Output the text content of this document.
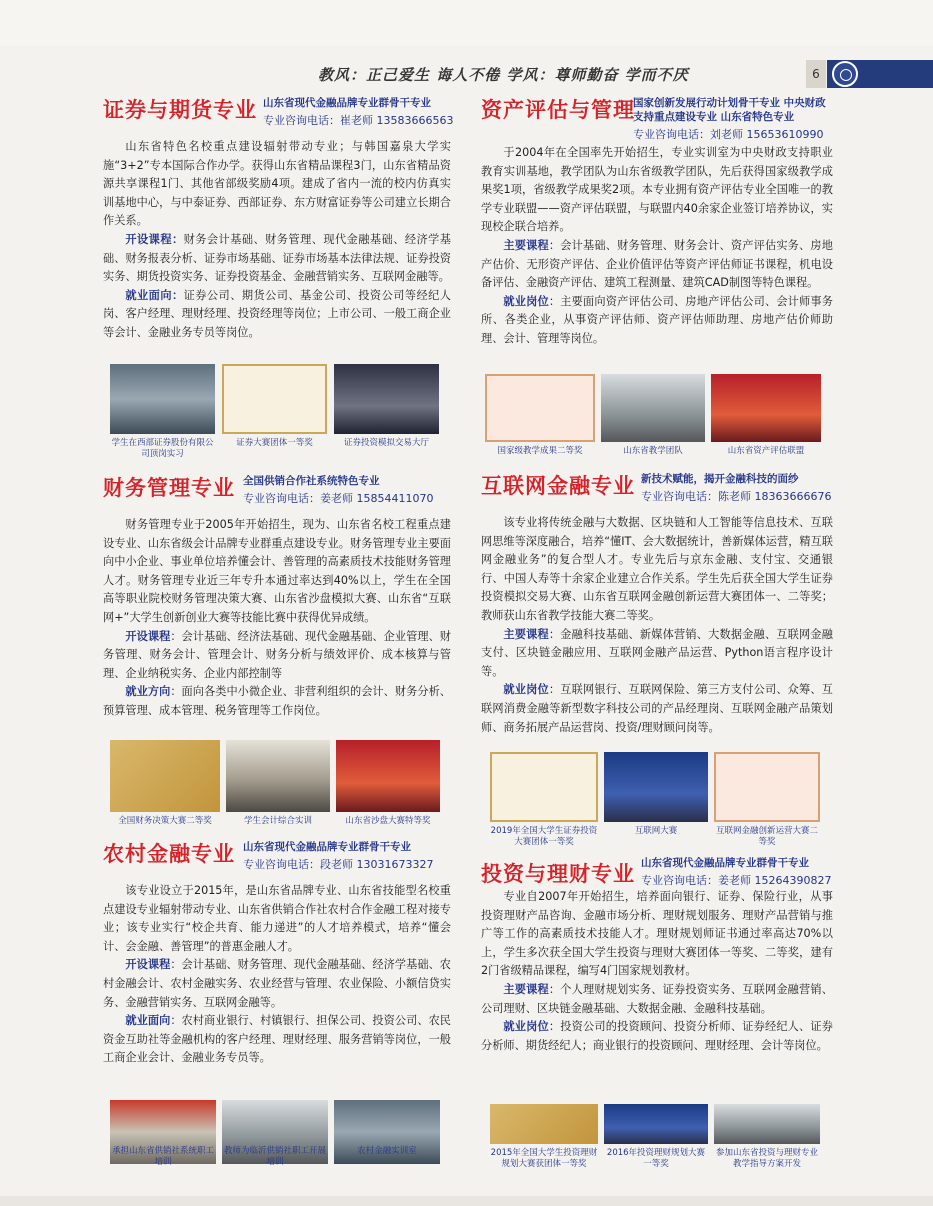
教风：正己爱生 诲人不倦 学风：尊师勤奋 学而不厌	6
证券与期货专业 山东省现代金融品牌专业群骨干专业
专业咨询电话：崔老师 13583666563

山东省特色名校重点建设辐射带动专业；与韩国嘉泉大学实施“3+2”专本国际合作办学。获得山东省精品课程3门，山东省精品资源共享课程1门、其他省部级奖励4项。建成了省内一流的校内仿真实训基地中心，与中泰证券、西部证券、东方财富证券等公司建立长期合作关系。

开设课程：财务会计基础、财务管理、现代金融基础、经济学基础、财务报表分析、证券市场基础、证券市场基本法律法规、证券投资实务、期货投资实务、证券投资基金、金融营销实务、互联网金融等。

就业面向：证券公司、期货公司、基金公司、投资公司等经纪人岗、客户经理、理财经理、投资经理等岗位；上市公司、一般工商企业等会计、金融业务专员等岗位。

学生在西部证券股份有限公司顶岗实习
证券大赛团体一等奖	证券投资模拟交易大厅
财务管理专业 全国供销合作社系统特色专业
专业咨询电话：姜老师 15854411070

财务管理专业于2005年开始招生，现为、山东省名校工程重点建设专业、山东省级会计品牌专业群重点建设专业。财务管理专业主要面向中小企业、事业单位培养懂会计、善管理的高素质技术技能财务管理人才。财务管理专业近三年专升本通过率达到40%以上，学生在全国高等职业院校财务管理决策大赛、山东省沙盘模拟大赛、山东省“互联网+”大学生创新创业大赛等技能比赛中获得优异成绩。

开设课程：会计基础、经济法基础、现代金融基础、企业管理、财务管理、财务会计、管理会计、财务分析与绩效评价、成本核算与管理、企业纳税实务、企业内部控制等

就业方向：面向各类中小微企业、非营利组织的会计、财务分析、预算管理、成本管理、税务管理等工作岗位。

全国财务决策大赛二等奖	学生会计综合实训	山东省沙盘大赛特等奖
农村金融专业 山东省现代金融品牌专业群骨干专业
专业咨询电话：段老师 13031673327

该专业设立于2015年，是山东省品牌专业、山东省技能型名校重点建设专业辐射带动专业、山东省供销合作社农村合作金融工程对接专业；该专业实行“校企共育、能力递进”的人才培养模式，培养“懂会计、会金融、善管理”的普惠金融人才。

开设课程：会计基础、财务管理、现代金融基础、经济学基础、农村金融会计、农村金融实务、农业经营与管理、农业保险、小额信贷实务、金融营销实务、互联网金融等。

就业面向：农村商业银行、村镇银行、担保公司、投资公司、农民资金互助社等金融机构的客户经理、理财经理、服务营销等岗位，一般工商企业会计、金融业务专员等。

承担山东省供销社系统职工培训
教师为临沂供销社职工开展培训
农村金融实训室
资产评估与管理
国家创新发展行动计划骨干专业 中央财政支持重点建设专业 山东省特色专业
专业咨询电话：刘老师 15653610990

于2004年在全国率先开始招生，专业实训室为中央财政支持职业教育实训基地，教学团队为山东省级教学团队，先后获得国家级教学成果奖1项，省级教学成果奖2项。本专业拥有资产评估专业全国唯一的教学专业联盟——资产评估联盟，与联盟内40余家企业签订培养协议，实现校企联合培养。

主要课程：会计基础、财务管理、财务会计、资产评估实务、房地产估价、无形资产评估、企业价值评估等资产评估师证书课程，机电设备评估、金融资产评估、建筑工程测量、建筑CAD制图等特色课程。

就业岗位：主要面向资产评估公司、房地产评估公司、会计师事务所、各类企业，从事资产评估师、资产评估师助理、房地产估价师助理、会计、管理等岗位。

国家级教学成果二等奖	山东省教学团队	山东省资产评估联盟
互联网金融专业 新技术赋能，揭开金融科技的面纱
专业咨询电话：陈老师 18363666676

该专业将传统金融与大数据、区块链和人工智能等信息技术、互联网思维等深度融合，培养“懂IT、会大数据统计，善新媒体运营，精互联网金融业务”的复合型人才。专业先后与京东金融、支付宝、交通银行、中国人寿等十余家企业建立合作关系。学生先后获全国大学生证券投资模拟交易大赛、山东省互联网金融创新运营大赛团体一、二等奖；教师获山东省教学技能大赛二等奖。

主要课程：金融科技基础、新媒体营销、大数据金融、互联网金融支付、区块链金融应用、互联网金融产品运营、Python语言程序设计等。

就业岗位：互联网银行、互联网保险、第三方支付公司、众筹、互联网消费金融等新型数字科技公司的产品经理岗、互联网金融产品策划师、商务拓展产品运营岗、投资/理财顾问岗等。

2019年全国大学生证券投资大赛团体一等奖
互联网大赛	互联网金融创新运营大赛二等奖
投资与理财专业 山东省现代金融品牌专业群骨干专业
专业咨询电话：姜老师 15264390827

专业自2007年开始招生，培养面向银行、证券、保险行业，从事投资理财产品咨询、金融市场分析、理财规划服务、理财产品营销与推广等工作的高素质技术技能人才。理财规划师证书通过率高达70%以上，学生多次获全国大学生投资与理财大赛团体一等奖、二等奖，建有2门省级精品课程，编写4门国家规划教材。

主要课程：个人理财规划实务、证券投资实务、互联网金融营销、公司理财、区块链金融基础、大数据金融、金融科技基础。

就业岗位：投资公司的投资顾问、投资分析师、证券经纪人、证券分析师、期货经纪人；商业银行的投资顾问、理财经理、会计等岗位。

2015年全国大学生投资理财规划大赛获团体一等奖
2016年投资理财规划大赛一等奖
参加山东省投资与理财专业教学指导方案开发
